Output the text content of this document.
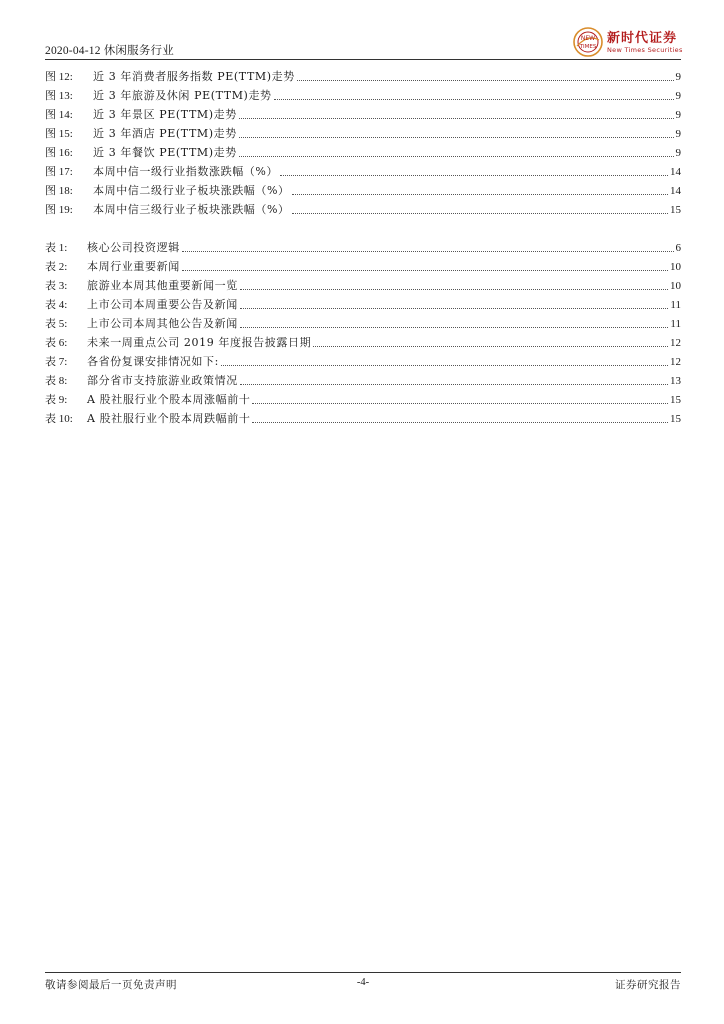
2020-04-12 休闲服务行业
NEW
TIMES
新时代证券
New Times Securities
图 12:	近 3 年消费者服务指数 PE(TTM)走势	9
图 13:	近 3 年旅游及休闲 PE(TTM)走势	9
图 14:	近 3 年景区 PE(TTM)走势	9
图 15:	近 3 年酒店 PE(TTM)走势	9
图 16:	近 3 年餐饮 PE(TTM)走势	9
图 17:	本周中信一级行业指数涨跌幅（%）	14
图 18:	本周中信二级行业子板块涨跌幅（%）	14
图 19:	本周中信三级行业子板块涨跌幅（%）	15
表 1:	核心公司投资逻辑	6
表 2:	本周行业重要新闻	10
表 3:	旅游业本周其他重要新闻一览	10
表 4:	上市公司本周重要公告及新闻	11
表 5:	上市公司本周其他公告及新闻	11
表 6:	未来一周重点公司 2019 年度报告披露日期	12
表 7:	各省份复课安排情况如下:	12
表 8:	部分省市支持旅游业政策情况	13
表 9:	A 股社服行业个股本周涨幅前十	15
表 10:	A 股社服行业个股本周跌幅前十	15
敬请参阅最后一页免责声明	-4-	证券研究报告
